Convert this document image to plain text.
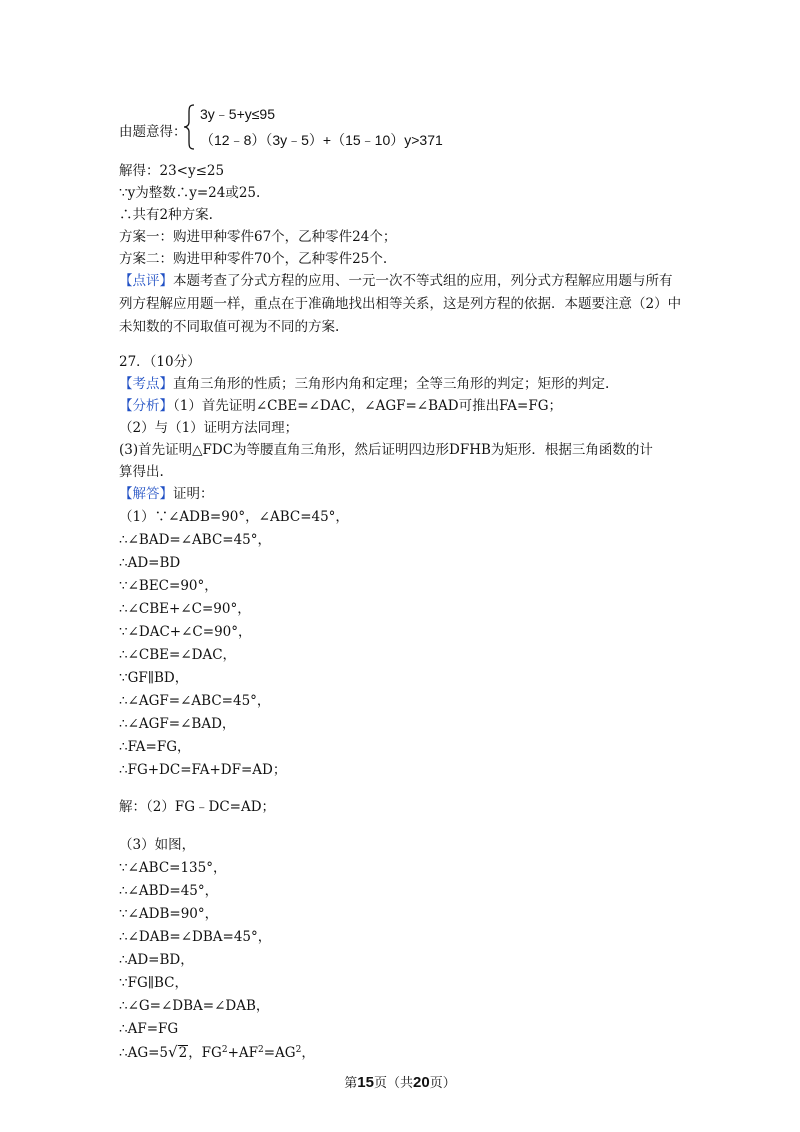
由题意得：
3y﹣5+y≤95
（12﹣8）（3y﹣5）+（15﹣10）y>371
解得：23<y≤25
∵y为整数∴y=24或25.
∴共有2种方案.
方案一：购进甲种零件67个，乙种零件24个；
方案二：购进甲种零件70个，乙种零件25个.
【点评】本题考查了分式方程的应用、一元一次不等式组的应用，列分式方程解应用题与所有
列方程解应用题一样，重点在于准确地找出相等关系，这是列方程的依据．本题要注意（2）中
未知数的不同取值可视为不同的方案.
27．（10分）
【考点】直角三角形的性质；三角形内角和定理；全等三角形的判定；矩形的判定.
【分析】（1）首先证明∠CBE=∠DAC，∠AGF=∠BAD可推出FA=FG；
（2）与（1）证明方法同理；
(3)首先证明△FDC为等腰直角三角形，然后证明四边形DFHB为矩形．根据三角函数的计
算得出.
【解答】证明：
（1）∵∠ADB=90°，∠ABC=45°，
∴∠BAD=∠ABC=45°，
∴AD=BD
∵∠BEC=90°，
∴∠CBE+∠C=90°，
∵∠DAC+∠C=90°，
∴∠CBE=∠DAC，
∵GF∥BD，
∴∠AGF=∠ABC=45°，
∴∠AGF=∠BAD，
∴FA=FG，
∴FG+DC=FA+DF=AD；
解：（2）FG﹣DC=AD；
（3）如图，
∵∠ABC=135°，
∴∠ABD=45°，
∵∠ADB=90°，
∴∠DAB=∠DBA=45°，
∴AD=BD，
∵FG∥BC，
∴∠G=∠DBA=∠DAB，
∴AF=FG
∴AG=5√2，$FG^2+AF^2=AG^2$，
第15页（共20页）
